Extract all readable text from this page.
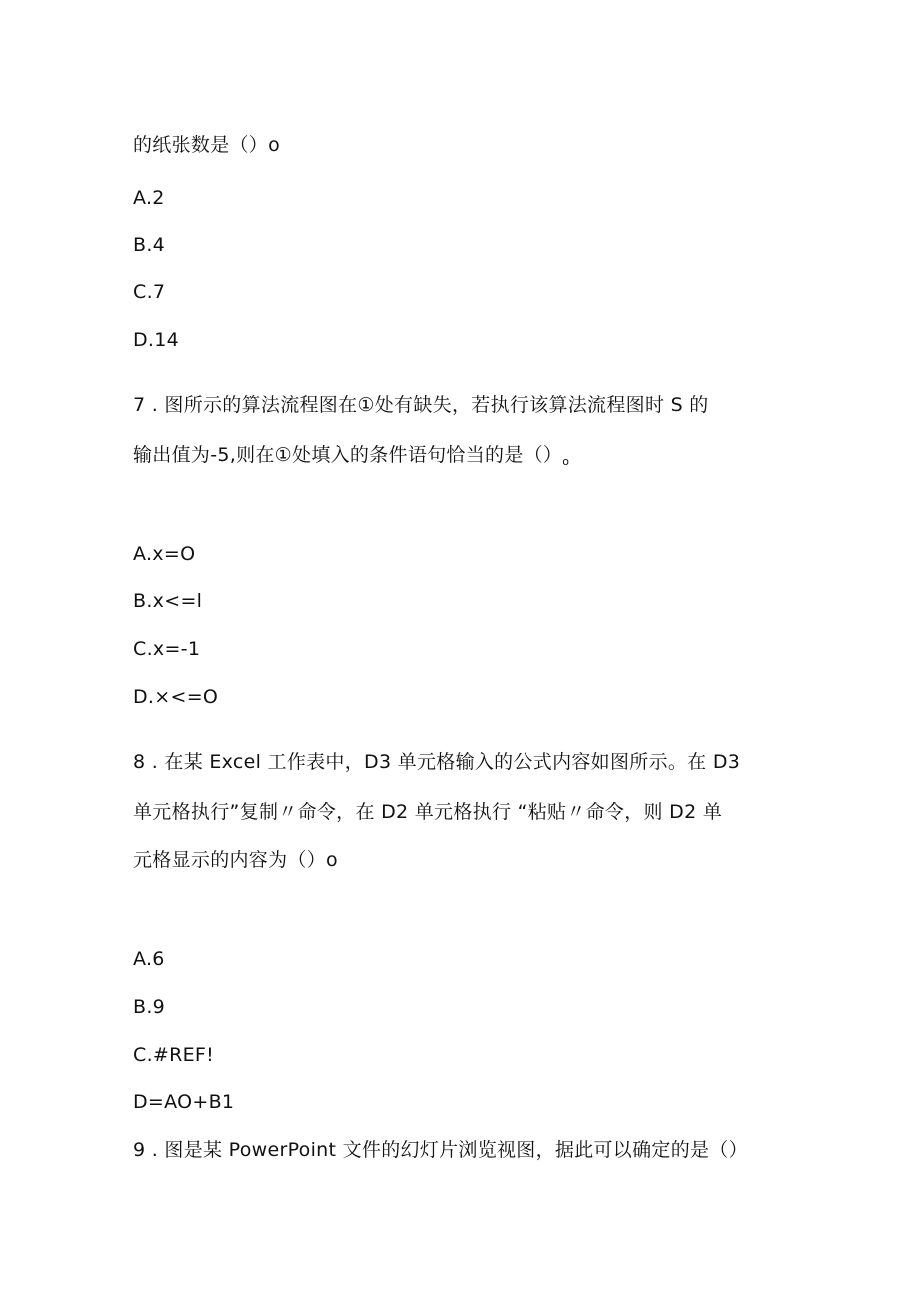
的纸张数是（）o
A.2
B.4
C.7
D.14
7 . 图所示的算法流程图在①处有缺失，若执行该算法流程图时 S 的
输出值为-5,则在①处填入的条件语句恰当的是$()_o$
A.x=O
B.x<=l
C.x=-1
D.×<=O
8 . 在某 Excel 工作表中，D3 单元格输入的公式内容如图所示。在 D3
单元格执行”复制〃命令，在 D2 单元格执行 “粘贴〃命令，则 D2 单
元格显示的内容为（）o
A.6
B.9
C.#REF!
D=AO+B1
9 . 图是某 PowerPoint 文件的幻灯片浏览视图，据此可以确定的是（）
